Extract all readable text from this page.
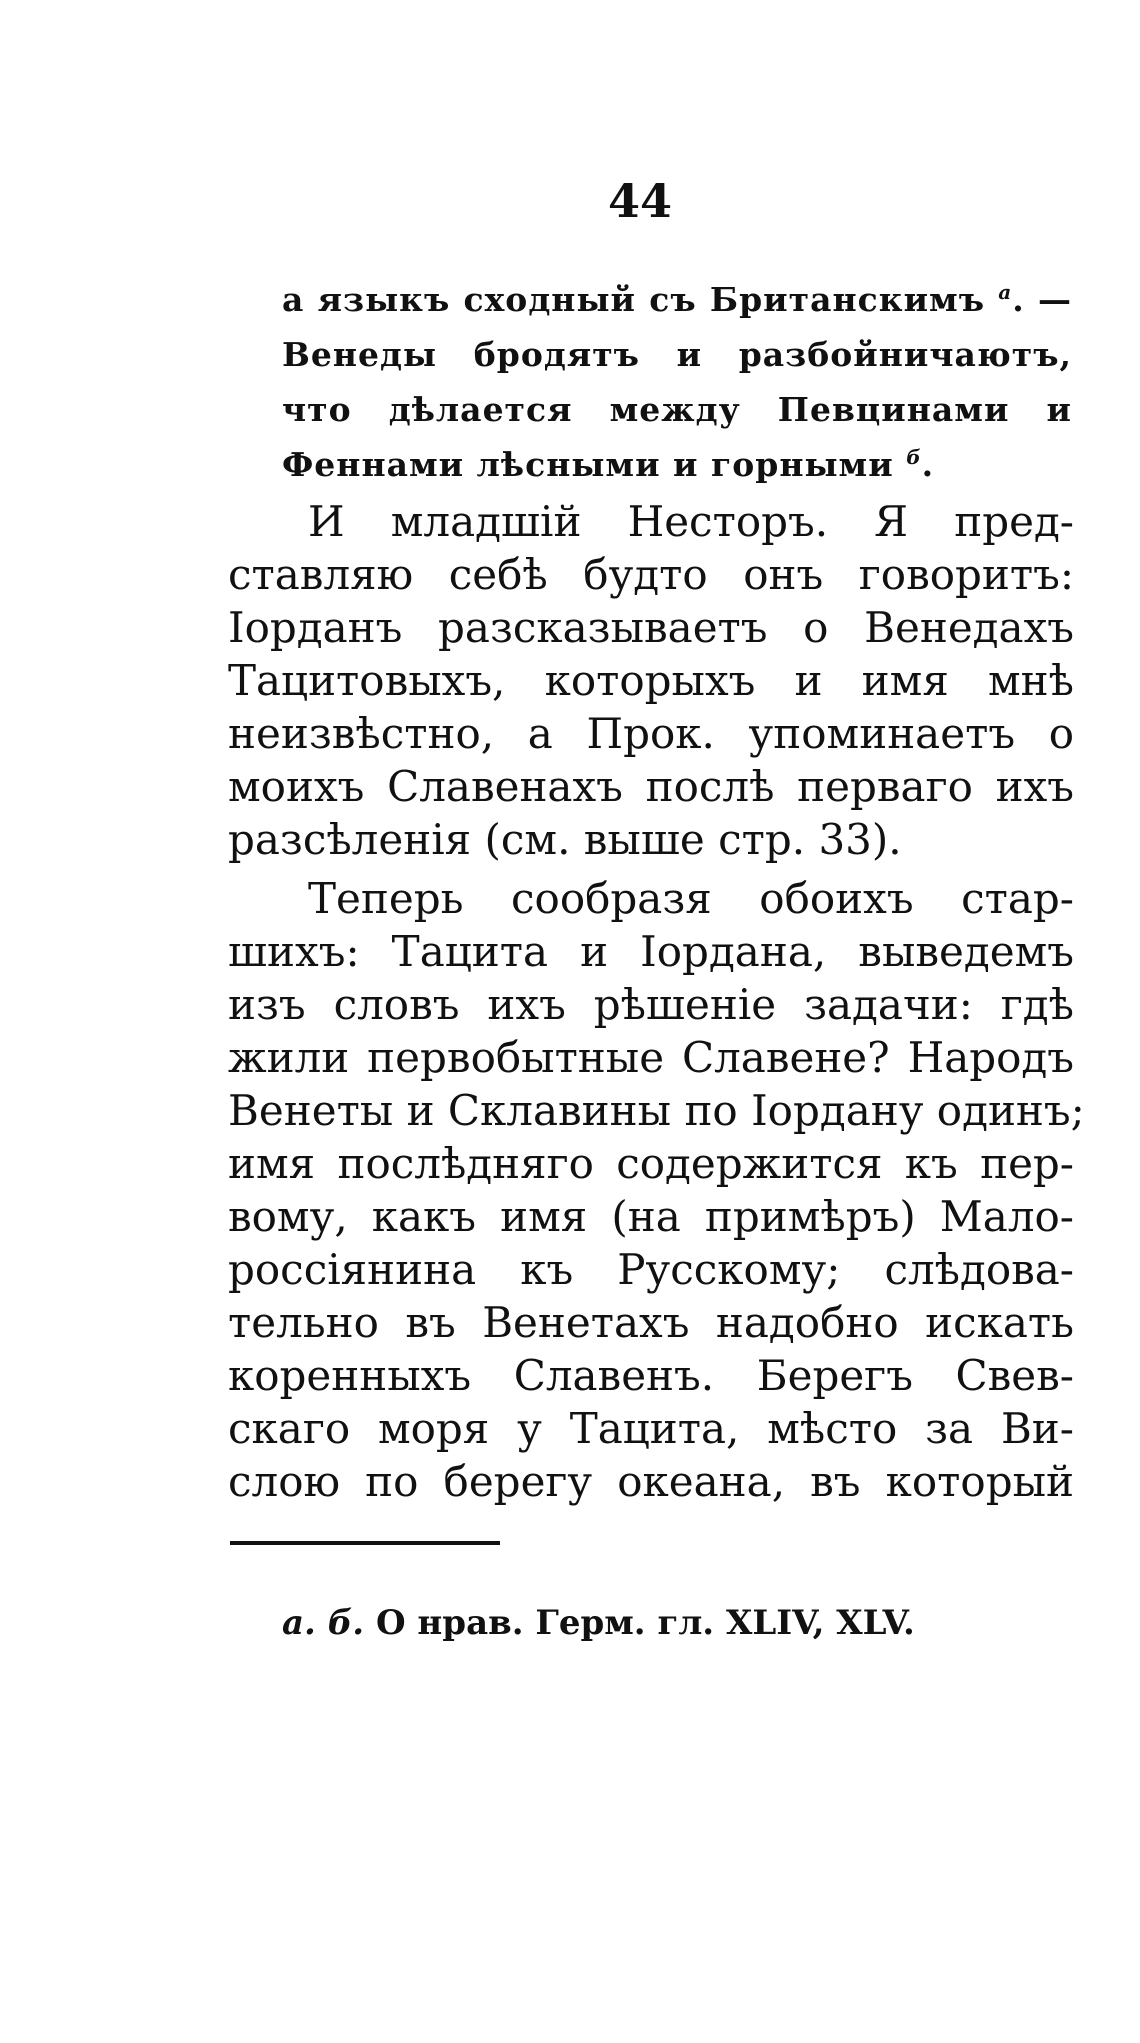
44
а языкъ сходный съ Британскимъ $^а$. —
Венеды бродятъ и разбойничаютъ,
что дѣлается между Певцинами и
Феннами лѣсными и горными $^б$.
И младшій Несторъ. Я пред-
ставляю себѣ будто онъ говоритъ:
Іорданъ разсказываетъ о Венедахъ
Тацитовыхъ, которыхъ и имя мнѣ
неизвѣстно, а Прок. упоминаетъ о
моихъ Славенахъ послѣ перваго ихъ
разсѣленія (см. выше стр. 33).
Теперь сообразя обоихъ стар-
шихъ: Тацита и Іордана, выведемъ
изъ словъ ихъ рѣшеніе задачи: гдѣ
жили первобытные Славене? Народъ
Венеты и Склавины по Іордану одинъ;
имя послѣдняго содержится къ пер-
вому, какъ имя (на примѣръ) Мало-
россіянина къ Русскому; слѣдова-
тельно въ Венетахъ надобно искать
коренныхъ Славенъ. Берегъ Свев-
скаго моря у Тацита, мѣсто за Ви-
слою по берегу океана, въ который
а. б. О нрав. Герм. гл. XLIV, XLV.
